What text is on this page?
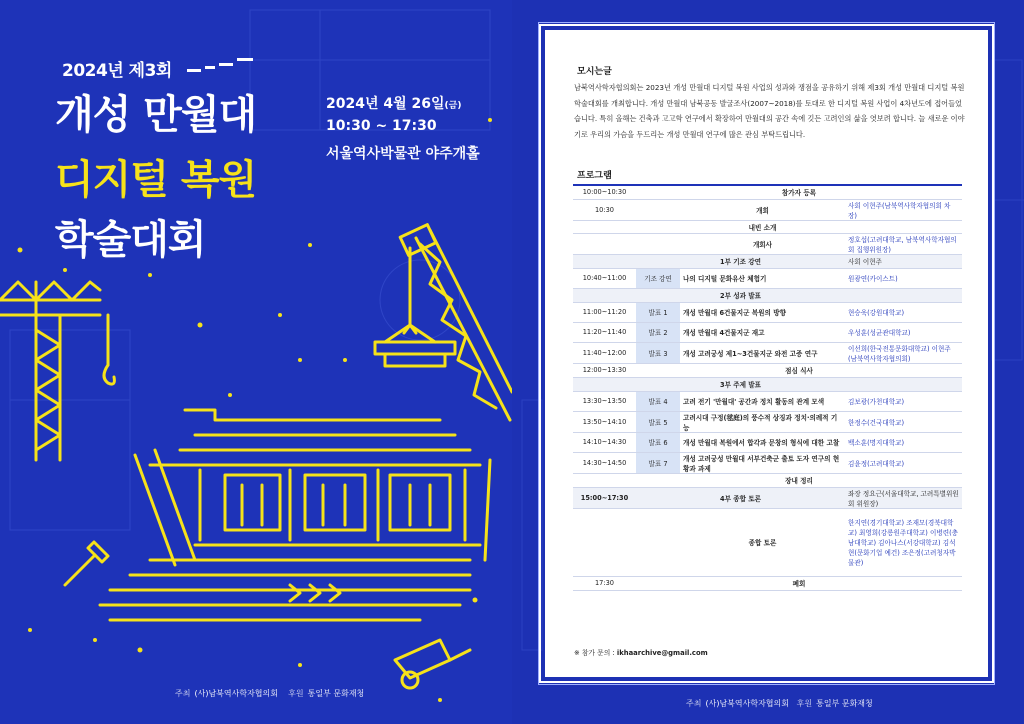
2024년 제3회
개성 만월대
디지털 복원
학술대회
2024년 4월 26일(금)
10:30 ~ 17:30
서울역사박물관 야주개홀
주최 (사)남북역사학자협의회 후원 통일부 문화재청
모시는글
남북역사학자협의회는 2023년 개성 만월대 디지털 복원 사업의 성과와 쟁점을 공유하기 위해 제3회 개성 만월대 디지털 복원 학술대회를 개최합니다. 개성 만월대 남북공동 발굴조사(2007~2018)를 토대로 한 디지털 복원 사업이 4차년도에 접어들었습니다. 특히 올해는 건축과 고고학 연구에서 확장하여 만월대의 공간 속에 깃든 고려인의 삶을 엿보려 합니다. 늘 새로운 이야기로 우리의 가슴을 두드리는 개성 만월대 연구에 많은 관심 부탁드립니다.
프로그램
10:00~10:30	참가자 등록		
10:30		개회	사회 이현주(남북역사학자협의회 차장)
		내빈 소개	
		개회사	정호섭(고려대학교, 남북역사학자협의회 집행위원장)
	1부 기조 강연		사회 이현주
10:40~11:00	기조 강연	나의 디지털 문화유산 체험기	원광연(카이스트)
	2부 성과 발표		
11:00~11:20	발표 1	개성 만월대 6건물지군 복원의 방향	현승욱(강원대학교)
11:20~11:40	발표 2	개성 만월대 4건물지군 재고	우성훈(성균관대학교)
11:40~12:00	발표 3	개성 고려궁성 제1~3건물지군 와전 고증 연구	이선희(한국전통문화대학교) 이현주(남북역사학자협의회)
12:00~13:30	점심 식사		
	3부 주제 발표		
13:30~13:50	발표 4	고려 전기 '만월대' 공간과 정치 활동의 관계 모색	김보광(가천대학교)
13:50~14:10	발표 5	고려시대 구정(毬庭)의 풍수적 상징과 정치·의례적 기능	한정수(건국대학교)
14:10~14:30	발표 6	개성 만월대 복원에서 합각과 문창의 형식에 대한 고찰	백소훈(명지대학교)
14:30~14:50	발표 7	개성 고려궁성 만월대 서부건축군 출토 도자 연구의 현황과 과제	김윤정(고려대학교)
	장내 정리		
15:00~17:30	4부 종합 토론		좌장 정요근(서울대학교, 고려특별위원회 위원장)
		종합 토론	한지연(경기대학교) 조재모(경북대학교) 최영희(강릉원주대학교) 이병련(충남대학교) 김아나스(서강대학교) 김석현(문화기업 예건) 조은정(고려청자박물관)
17:30	폐회		
※ 참가 문의 : ikhaarchive@gmail.com
주최 (사)남북역사학자협의회 후원 통일부 문화재청
